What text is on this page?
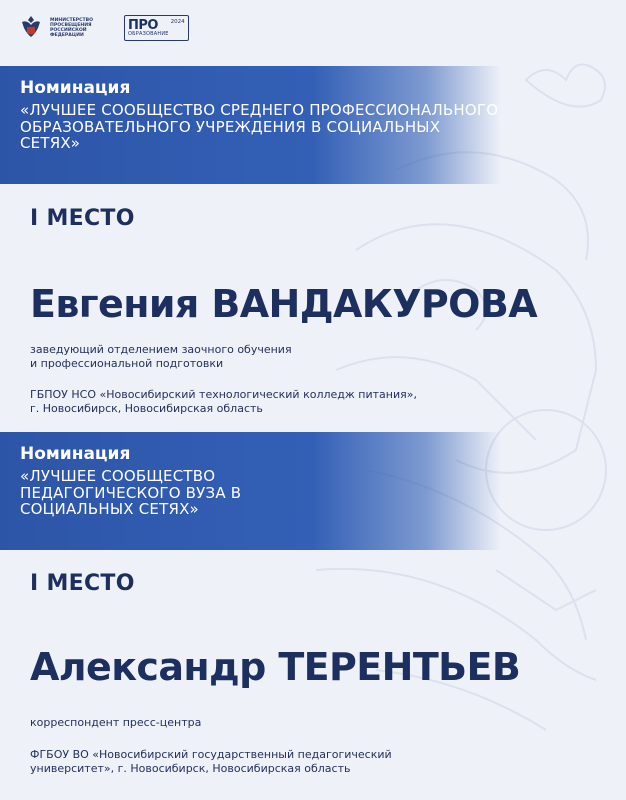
МИНИСТЕРСТВО
ПРОСВЕЩЕНИЯ
РОССИЙСКОЙ
ФЕДЕРАЦИИ
ПРО
ОБРАЗОВАНИЕ
2024
Номинация
«ЛУЧШЕЕ СООБЩЕСТВО СРЕДНЕГО ПРОФЕССИОНАЛЬНОГО ОБРАЗОВАТЕЛЬНОГО УЧРЕЖДЕНИЯ В СОЦИАЛЬНЫХ СЕТЯХ»
I МЕСТО
Евгения ВАНДАКУРОВА
заведующий отделением заочного обучения
и профессиональной подготовки
ГБПОУ НСО «Новосибирский технологический колледж питания»,
г. Новосибирск, Новосибирская область
Номинация
«ЛУЧШЕЕ СООБЩЕСТВО ПЕДАГОГИЧЕСКОГО ВУЗА В СОЦИАЛЬНЫХ СЕТЯХ»
I МЕСТО
Александр ТЕРЕНТЬЕВ
корреспондент пресс-центра
ФГБОУ ВО «Новосибирский государственный педагогический
университет», г. Новосибирск, Новосибирская область
